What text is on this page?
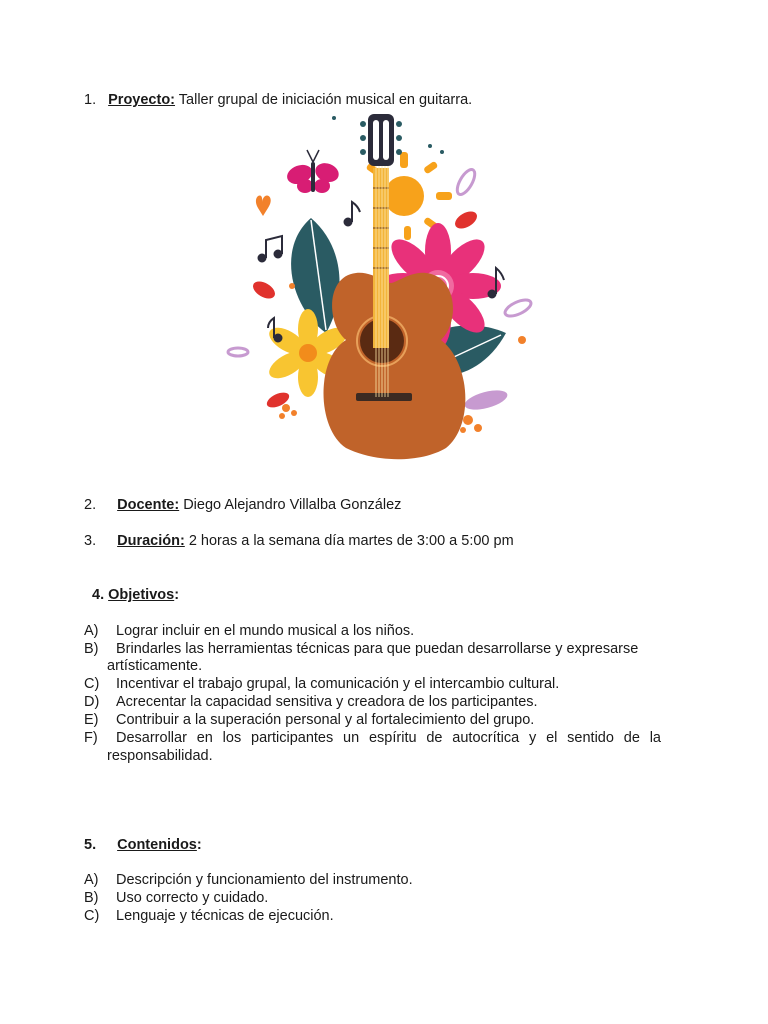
1. Proyecto: Taller grupal de iniciación musical en guitarra.
2. Docente: Diego Alejandro Villalba González
3. Duración: 2 horas a la semana día martes de 3:00 a 5:00 pm
4. Objetivos:
A) Lograr incluir en el mundo musical a los niños.
B) Brindarles las herramientas técnicas para que puedan desarrollarse y expresarse
artísticamente.
C) Incentivar el trabajo grupal, la comunicación y el intercambio cultural.
D) Acrecentar la capacidad sensitiva y creadora de los participantes.
E) Contribuir a la superación personal y al fortalecimiento del grupo.
F) Desarrollar en los participantes un espíritu de autocrítica y el sentido de la
responsabilidad.
5. Contenidos:
A) Descripción y funcionamiento del instrumento.
B) Uso correcto y cuidado.
C) Lenguaje y técnicas de ejecución.
